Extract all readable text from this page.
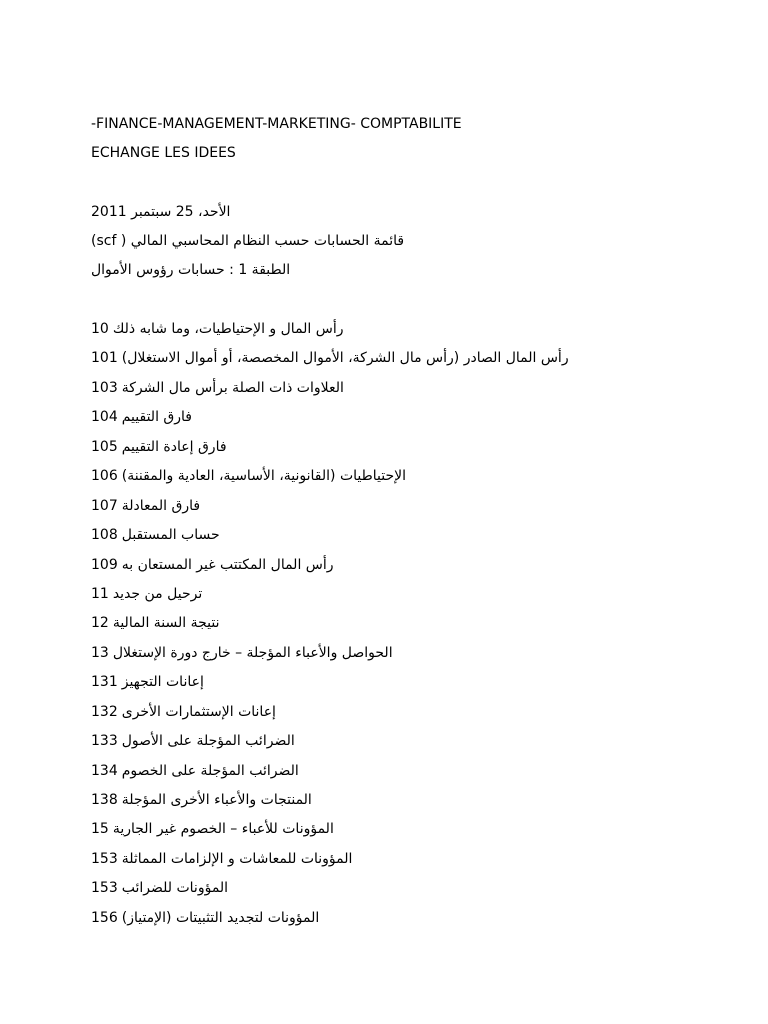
-FINANCE-MANAGEMENT-MARKETING- COMPTABILITE
ECHANGE LES IDEES
الأحد، 25 سبتمبر 2011
قائمة الحسابات حسب النظام المحاسبي المالي ( scf)
الطبقة 1 : حسابات رؤوس الأموال
10 رأس المال و الإحتياطيات، وما شابه ذلك
101 رأس المال الصادر (رأس مال الشركة، الأموال المخصصة، أو أموال الاستغلال)
103 العلاوات ذات الصلة برأس مال الشركة
104 فارق التقييم
105 فارق إعادة التقييم
106 الإحتياطيات (القانونية، الأساسية، العادية والمقننة)
107 فارق المعادلة
108 حساب المستقبل
109 رأس المال المكتتب غير المستعان به
11 ترحيل من جديد
12 نتيجة السنة المالية
13 الحواصل والأعباء المؤجلة – خارج دورة الإستغلال
131 إعانات التجهيز
132 إعانات الإستثمارات الأخرى
133 الضرائب المؤجلة على الأصول
134 الضرائب المؤجلة على الخصوم
138 المنتجات والأعباء الأخرى المؤجلة
15 المؤونات للأعباء – الخصوم غير الجارية
153 المؤونات للمعاشات و الإلزامات المماثلة
153 المؤونات للضرائب
156 المؤونات لتجديد التثبيتات (الإمتياز)
